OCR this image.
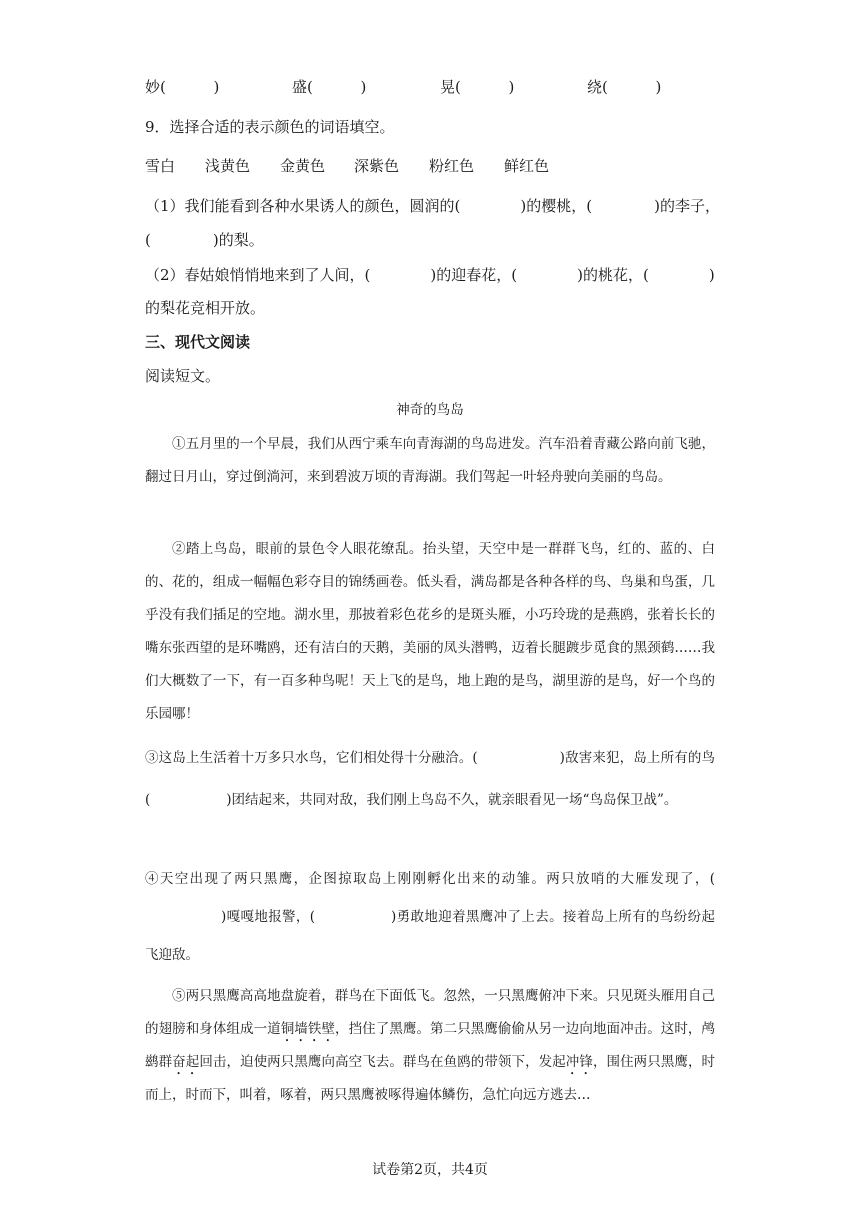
妙(          )	盛(          )	晃(          )	绕(          )
9．选择合适的表示颜色的词语填空。
雪白 浅黄色 金黄色 深紫色 粉红色 鲜红色
（1）我们能看到各种水果诱人的颜色，圆润的(	)的樱桃，(	)的李子，
(	)的梨。
（2）春姑娘悄悄地来到了人间，(	)的迎春花，(	)的桃花，(	)
的梨花竞相开放。
三、现代文阅读
阅读短文。
神奇的鸟岛
①五月里的一个早晨，我们从西宁乘车向青海湖的鸟岛进发。汽车沿着青藏公路向前飞驰，翻过日月山，穿过倒淌河，来到碧波万顷的青海湖。我们驾起一叶轻舟驶向美丽的鸟岛。
②踏上鸟岛，眼前的景色令人眼花缭乱。抬头望，天空中是一群群飞鸟，红的、蓝的、白的、花的，组成一幅幅色彩夺目的锦绣画卷。低头看，满岛都是各种各样的鸟、鸟巢和鸟蛋，几乎没有我们插足的空地。湖水里，那披着彩色花乡的是斑头雁，小巧玲珑的是燕鸥，张着长长的嘴东张西望的是环嘴鸥，还有洁白的天鹅，美丽的凤头潜鸭，迈着长腿踱步觅食的黑颈鹤……我们大概数了一下，有一百多种鸟呢！天上飞的是鸟，地上跑的是鸟，湖里游的是鸟，好一个鸟的乐园哪！
③这岛上生活着十万多只水鸟，它们相处得十分融洽。(	)敌害来犯，岛上所有的鸟(	)团结起来，共同对敌，我们刚上鸟岛不久，就亲眼看见一场“鸟岛保卫战”。
④天空出现了两只黑鹰，企图掠取岛上刚刚孵化出来的动雏。两只放哨的大雁发现了，()嘎嘎地报警，(	)勇敢地迎着黑鹰冲了上去。接着岛上所有的鸟纷纷起飞迎敌。
⑤两只黑鹰高高地盘旋着，群鸟在下面低飞。忽然，一只黑鹰俯冲下来。只见斑头雁用自己的翅膀和身体组成一道铜墙铁壁，挡住了黑鹰。第二只黑鹰偷偷从另一边向地面冲击。这时，鸬鹚群奋起回击，迫使两只黑鹰向高空飞去。群鸟在鱼鸥的带领下，发起冲锋，围住两只黑鹰，时而上，时而下，叫着，啄着，两只黑鹰被啄得遍体鳞伤，急忙向远方逃去…
试卷第2页，共4页
